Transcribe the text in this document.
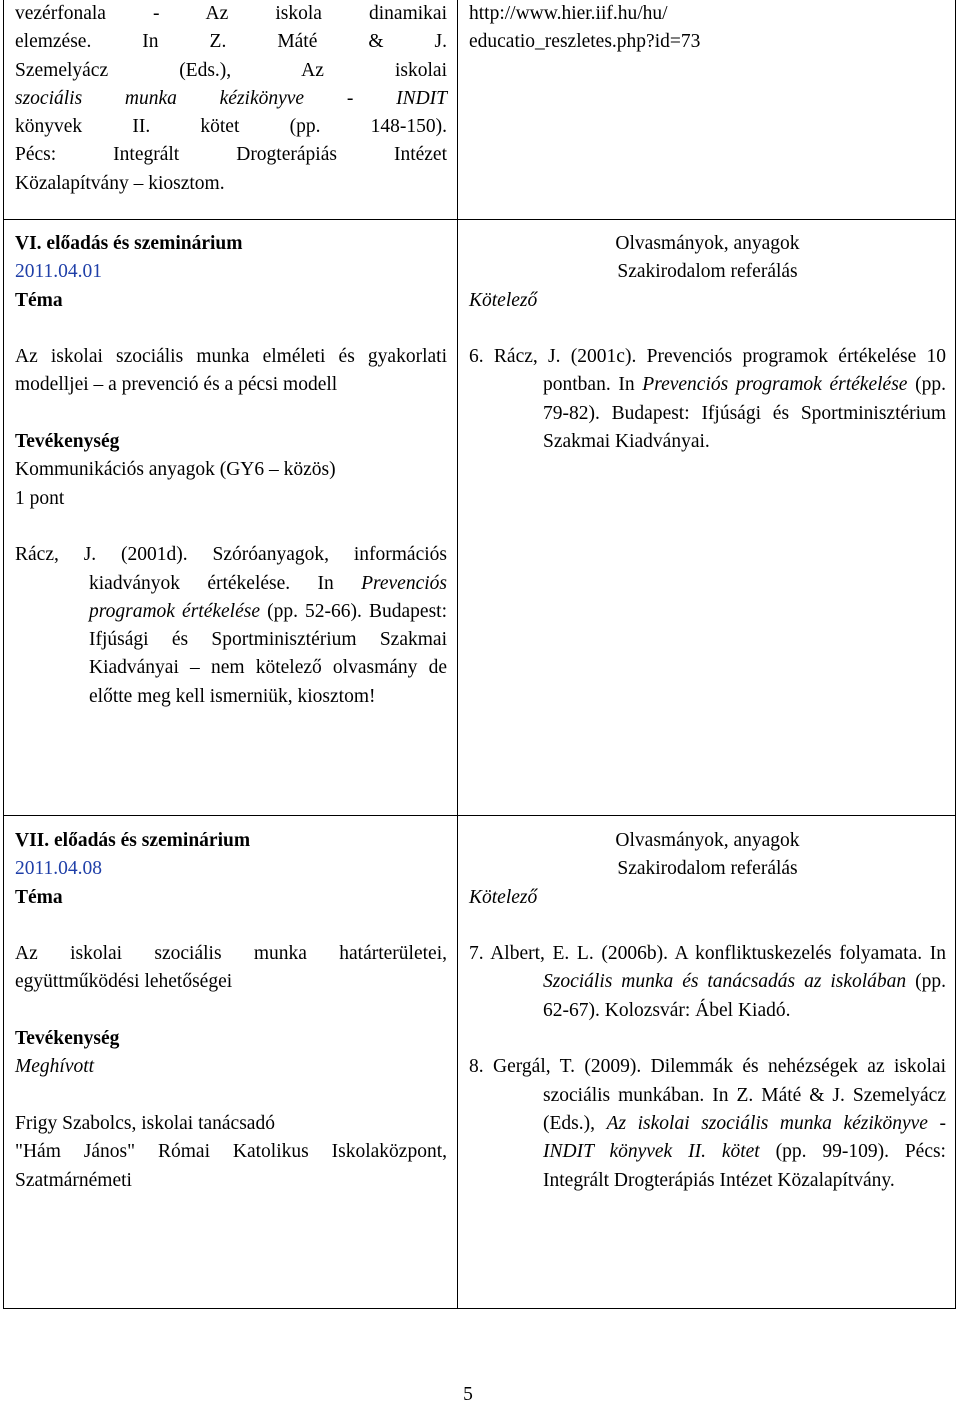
vezérfonala - Az iskola dinamikai

elemzése. In Z. Máté & J.

Szemelyácz (Eds.), Az iskolai

szociális munka kézikönyve - INDIT

könyvek II. kötet (pp. 148-150).

Pécs: Integrált Drogterápiás Intézet

Közalapítvány – kiosztom.

http://www.hier.iif.hu/hu/

educatio_reszletes.php?id=73

VI. előadás és szeminárium

2011.04.01

Téma

Az iskolai szociális munka elméleti és gyakorlati modelljei – a prevenció és a pécsi modell

Tevékenység

Kommunikációs anyagok (GY6 – közös)

1 pont

Rácz, J. (2001d). Szóróanyagok, információs kiadványok értékelése. In Prevenciós programok értékelése (pp. 52-66). Budapest: Ifjúsági és Sportminisztérium Szakmai Kiadványai – nem kötelező olvasmány de előtte meg kell ismerniük, kiosztom!

Olvasmányok, anyagok

Szakirodalom referálás

Kötelező

6. Rácz, J. (2001c). Prevenciós programok értékelése 10 pontban. In Prevenciós programok értékelése (pp. 79-82). Budapest: Ifjúsági és Sportminisztérium Szakmai Kiadványai.

VII. előadás és szeminárium

2011.04.08

Téma

Az iskolai szociális munka határterületei, együttműködési lehetőségei

Tevékenység

Meghívott

Frigy Szabolcs, iskolai tanácsadó

"Hám János" Római Katolikus Iskolaközpont, Szatmárnémeti

Olvasmányok, anyagok

Szakirodalom referálás

Kötelező

7. Albert, E. L. (2006b). A konfliktuskezelés folyamata. In Szociális munka és tanácsadás az iskolában (pp. 62-67). Kolozsvár: Ábel Kiadó.

8. Gergál, T. (2009). Dilemmák és nehézségek az iskolai szociális munkában. In Z. Máté & J. Szemelyácz (Eds.), Az iskolai szociális munka kézikönyve - INDIT könyvek II. kötet (pp. 99-109). Pécs: Integrált Drogterápiás Intézet Közalapítvány.

5
